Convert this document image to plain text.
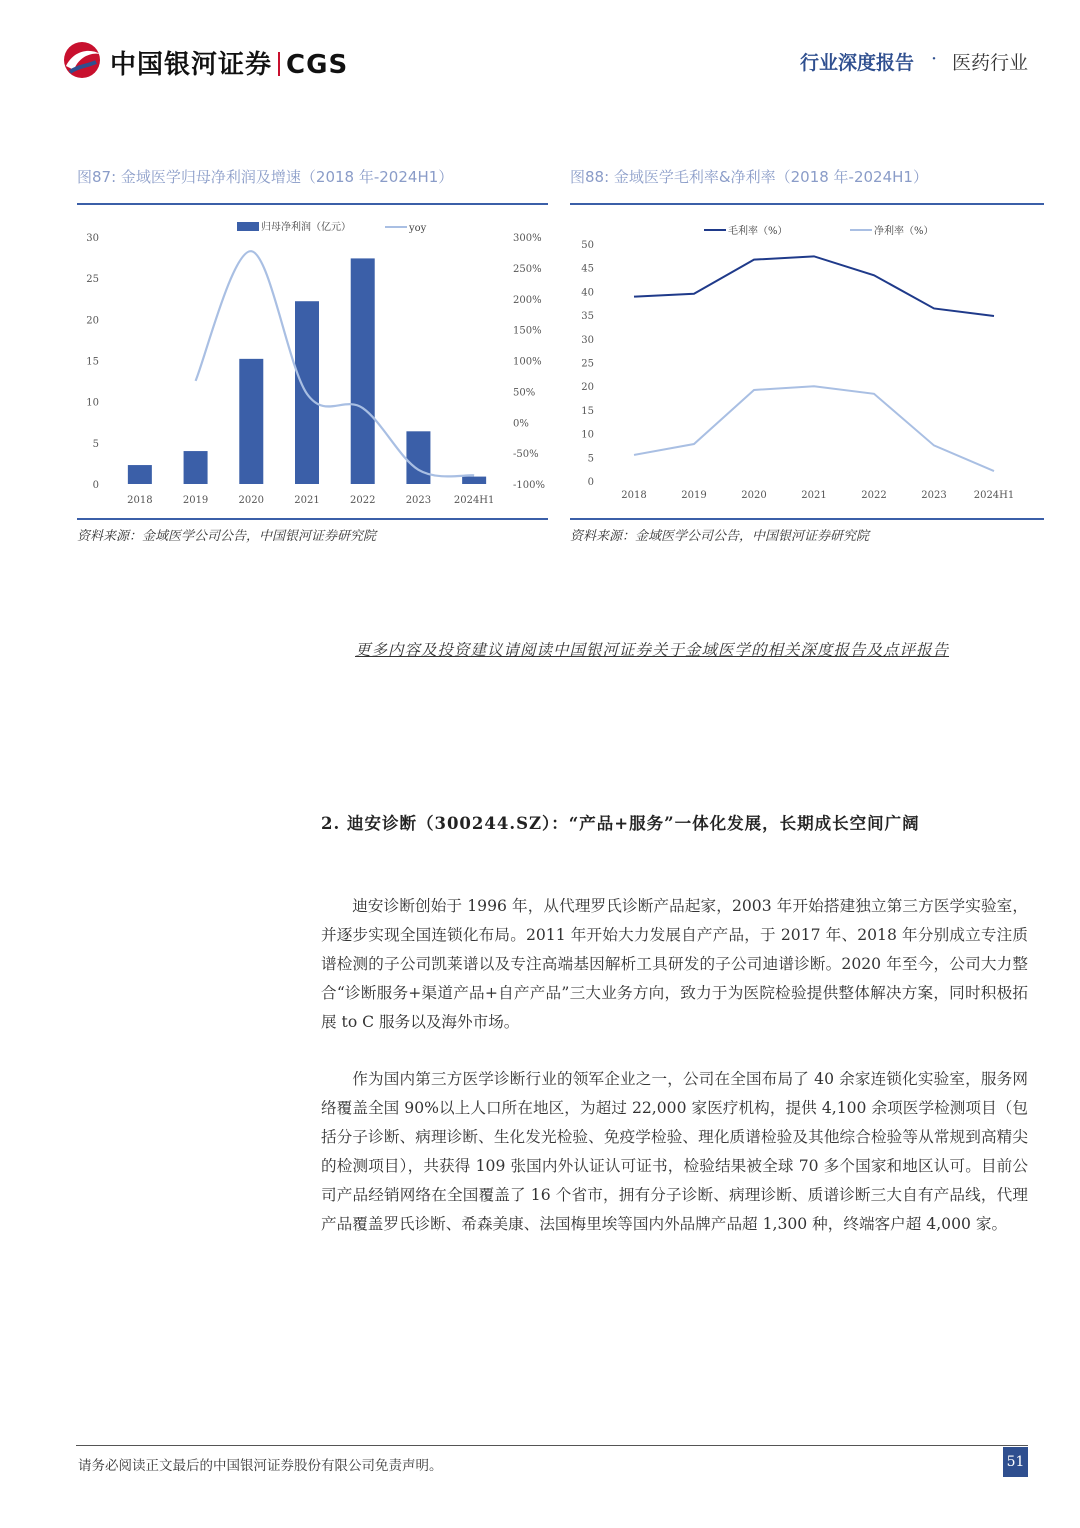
中国银河证券 CGS	行业深度报告 · 医药行业
图87: 金域医学归母净利润及增速（2018 年-2024H1）
0
5
10
15
20
25
30
-100%
-50%
0%
50%
100%
150%
200%
250%
300%
2018	2019	2020	2021	2022	2023 2024H1
归母净利润（亿元）	yoy
资料来源：金域医学公司公告，中国银河证券研究院
图88: 金域医学毛利率&净利率（2018 年-2024H1）
0
5
10
15
20
25
30
35
40
45
50
2018	2019	2020	2021	2022	2023	2024H1
毛利率（%）	净利率（%）
资料来源：金域医学公司公告，中国银河证券研究院
更多内容及投资建议请阅读中国银河证券关于金域医学的相关深度报告及点评报告
2. 迪安诊断（300244.SZ）：“产品+服务”一体化发展，长期成长空间广阔

迪安诊断创始于 1996 年，从代理罗氏诊断产品起家，2003 年开始搭建独立第三方医学实验室，并逐步实现全国连锁化布局。2011 年开始大力发展自产产品，于 2017 年、2018 年分别成立专注质谱检测的子公司凯莱谱以及专注高端基因解析工具研发的子公司迪谱诊断。2020 年至今，公司大力整合“诊断服务+渠道产品+自产产品”三大业务方向，致力于为医院检验提供整体解决方案，同时积极拓展 to C 服务以及海外市场。

作为国内第三方医学诊断行业的领军企业之一，公司在全国布局了 40 余家连锁化实验室，服务网络覆盖全国 90%以上人口所在地区，为超过 22,000 家医疗机构，提供 4,100 余项医学检测项目（包括分子诊断、病理诊断、生化发光检验、免疫学检验、理化质谱检验及其他综合检验等从常规到高精尖的检测项目），共获得 109 张国内外认证认可证书，检验结果被全球 70 多个国家和地区认可。目前公司产品经销网络在全国覆盖了 16 个省市，拥有分子诊断、病理诊断、质谱诊断三大自有产品线，代理产品覆盖罗氏诊断、希森美康、法国梅里埃等国内外品牌产品超 1,300 种，终端客户超 4,000 家。

请务必阅读正文最后的中国银河证券股份有限公司免责声明。	51
